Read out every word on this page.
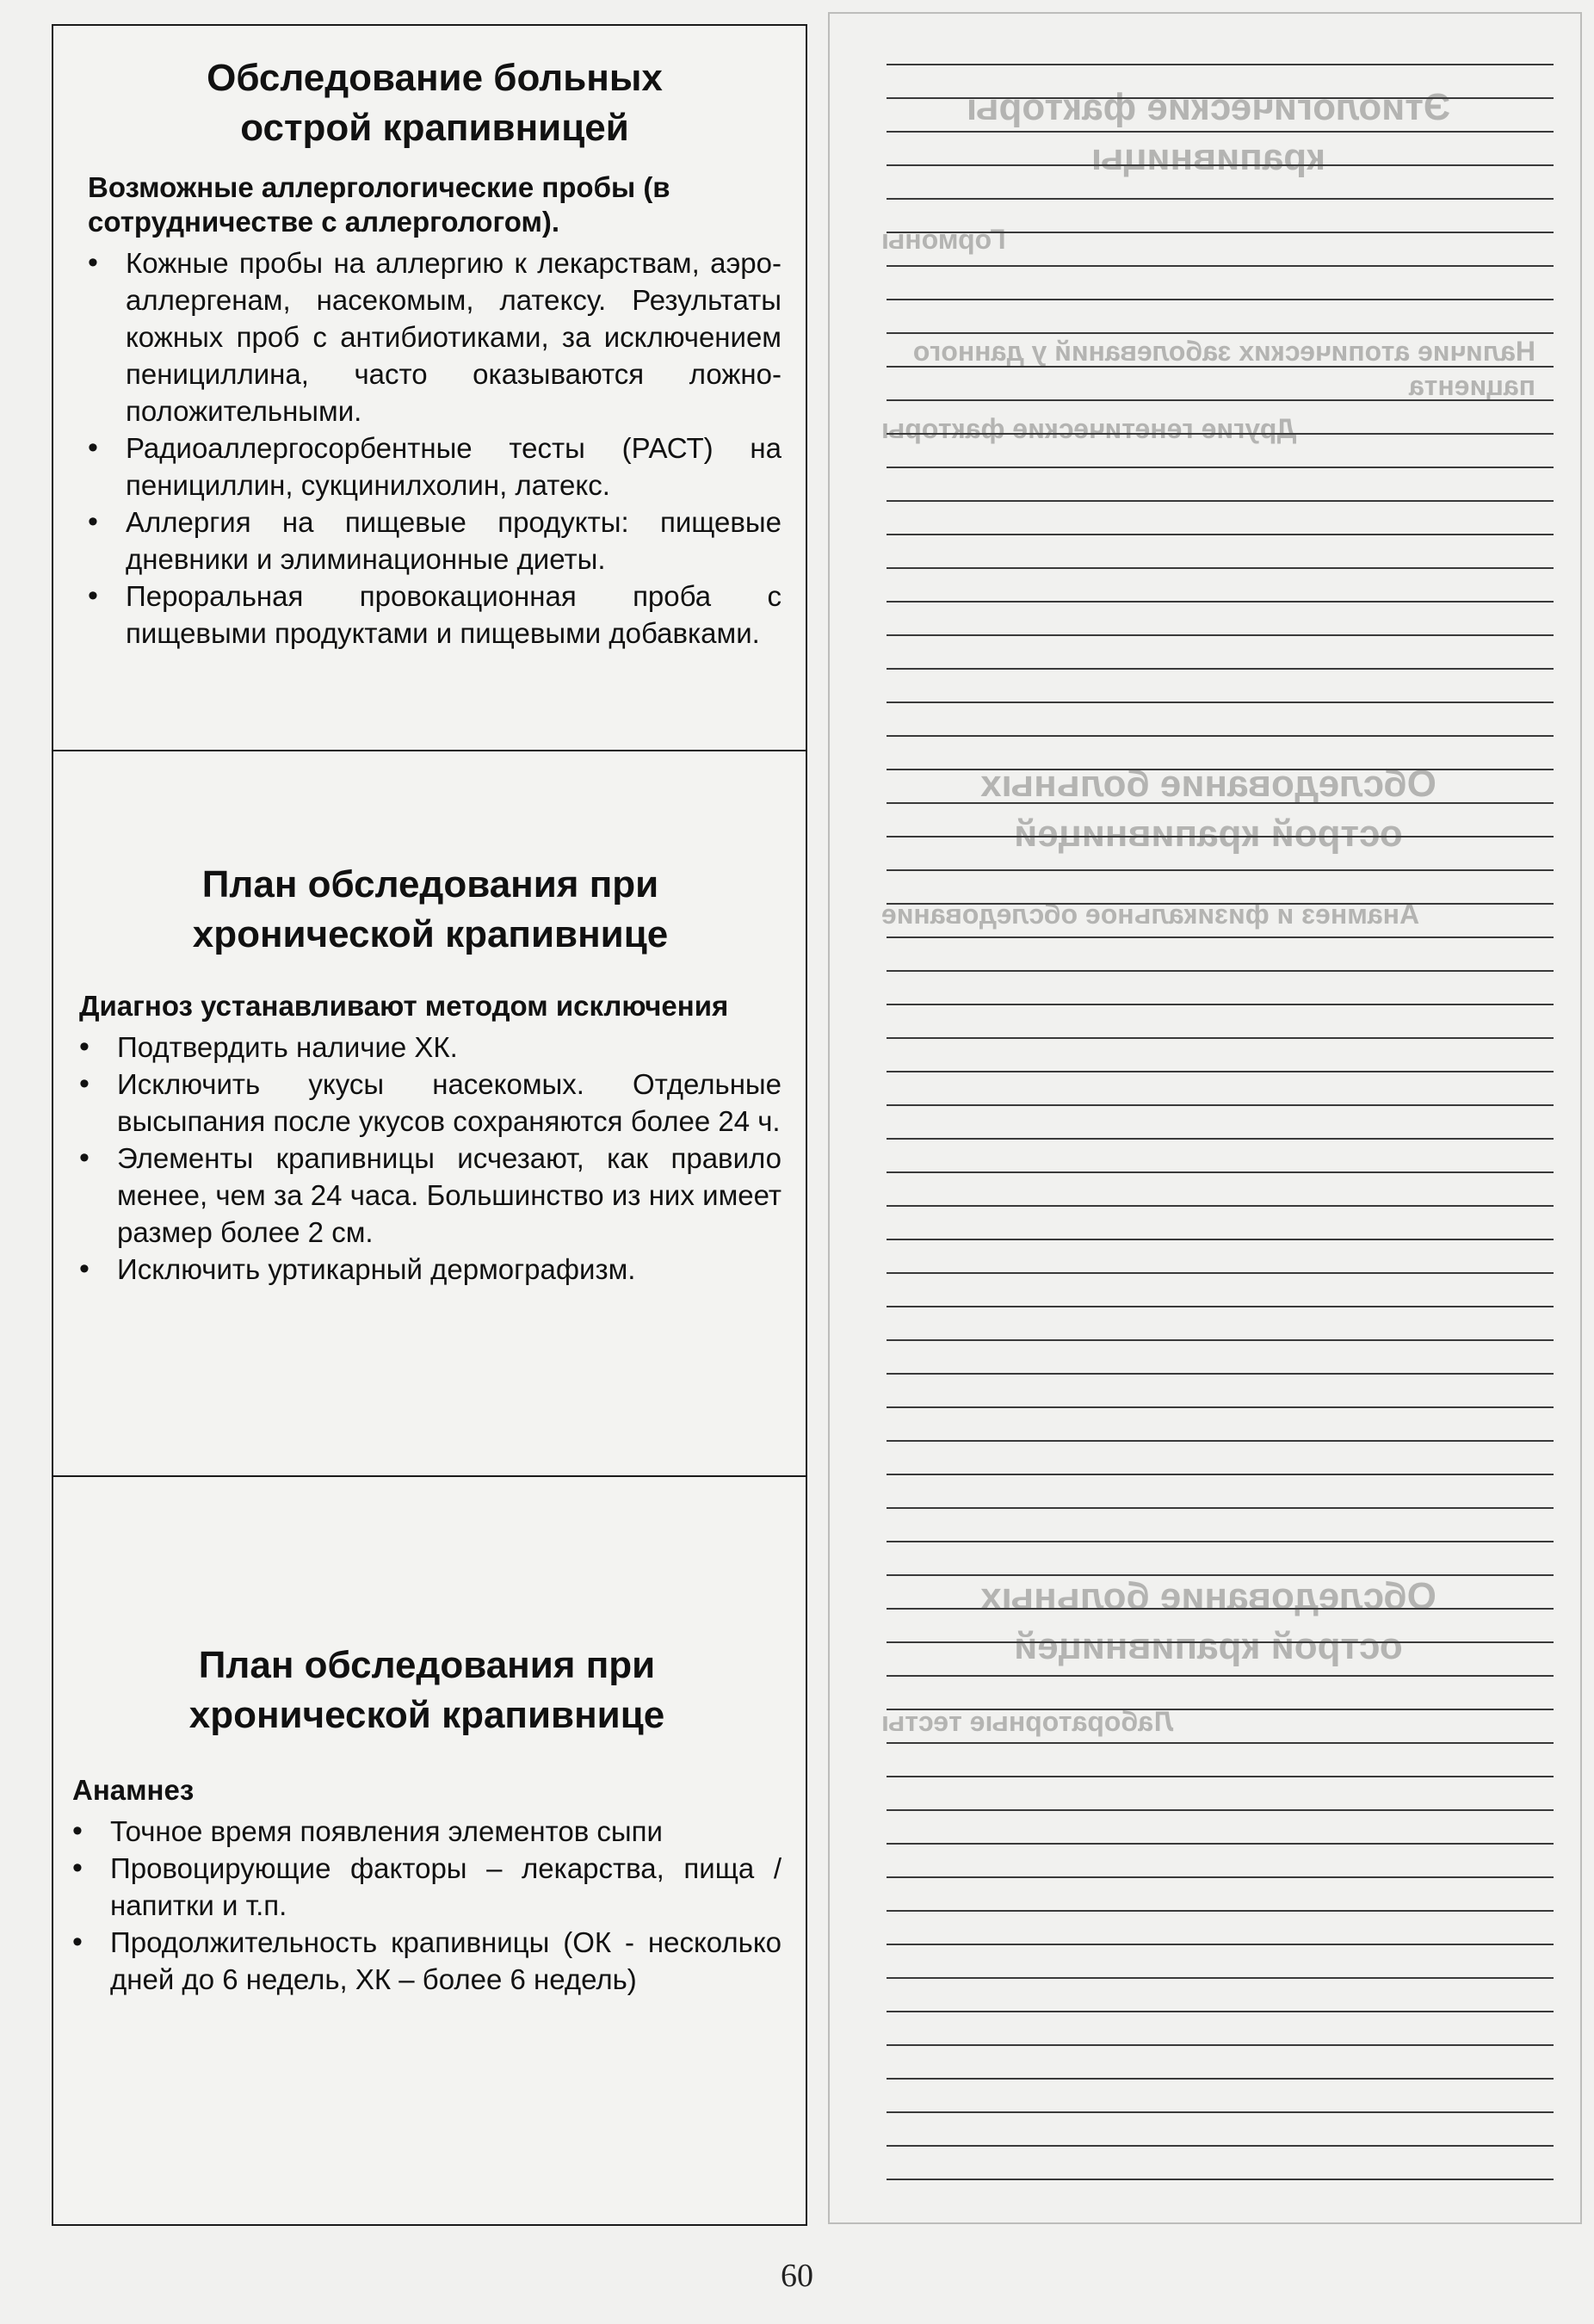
Обследование больных острой крапивницей

Возможные аллергологические пробы (в сотрудничестве с аллергологом).

• Кожные пробы на аллергию к лекарствам, аэро-аллергенам, насекомым, латексу. Результаты кожных проб с антибиотиками, за исключением пенициллина, часто оказываются ложно-положительными.
• Радиоаллергосорбентные тесты (РАСТ) на пенициллин, сукцинилхолин, латекс.
• Аллергия на пищевые продукты: пищевые дневники и элиминационные диеты.
• Пероральная провокационная проба с пищевыми продуктами и пищевыми добавками.
План обследования при хронической крапивнице

Диагноз устанавливают методом исключения

• Подтвердить наличие ХК.
• Исключить укусы насекомых. Отдельные высыпания после укусов сохраняются более 24 ч.
• Элементы крапивницы исчезают, как правило менее, чем за 24 часа. Большинство из них имеет размер более 2 см.
• Исключить уртикарный дермографизм.
План обследования при хронической крапивнице

Анамнез

• Точное время появления элементов сыпи
• Провоцирующие факторы – лекарства, пища / напитки и т.п.
• Продолжительность крапивницы (ОК - несколько дней до 6 недель, ХК – более 6 недель)
Этиологические факторы крапивницы
Гормоны
Наличие атопических заболеваний у данного пациента
Другие генетические факторы
Обследование больных острой крапивницей
Анамнез и физикальное обследование
Обследование больных острой крапивницей
Лабораторные тесты
60
